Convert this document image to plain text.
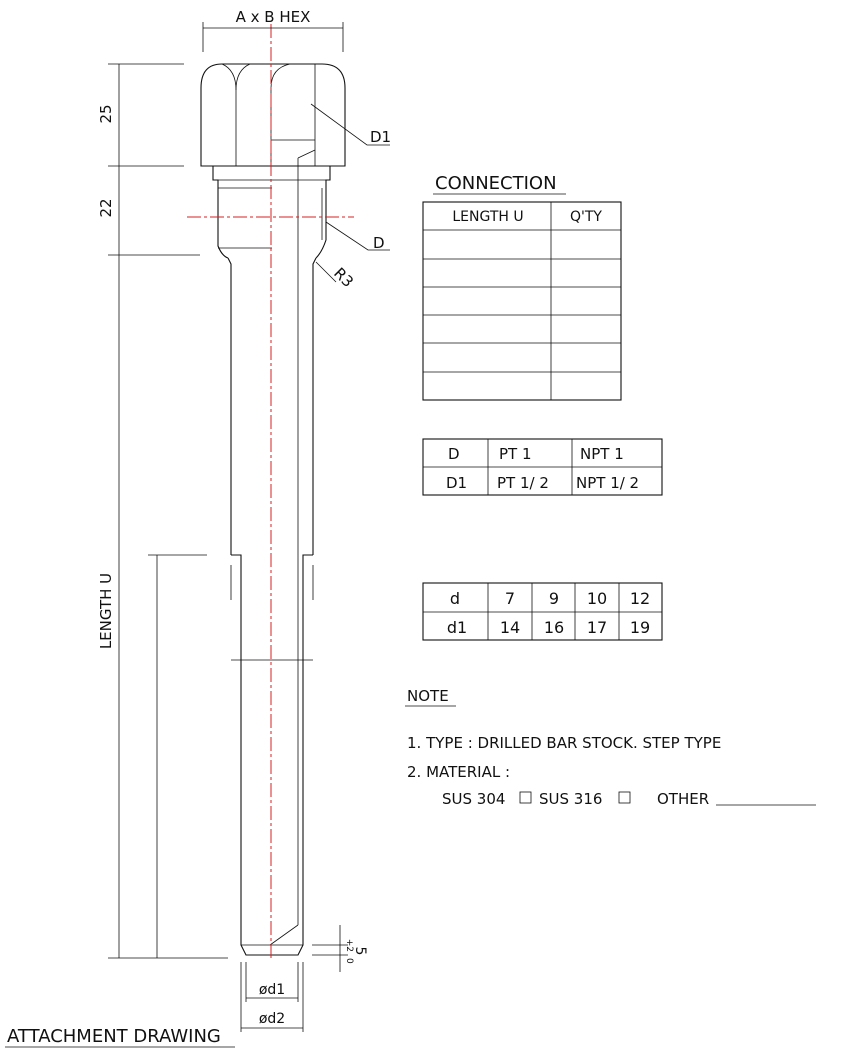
A x B HEX
25
22
LENGTH U
D1
D
R3
5
+2
0
ød1
ød2
ATTACHMENT DRAWING
CONNECTION
LENGTH U	Q'TY
D	PT 1	NPT 1
D1 PT 1/ 2 NPT 1/ 2
d	7 9 10 12
d1 14 16 17 19
NOTE
1. TYPE : DRILLED BAR STOCK. STEP TYPE
2. MATERIAL :
SUS 304 SUS 316	OTHER
